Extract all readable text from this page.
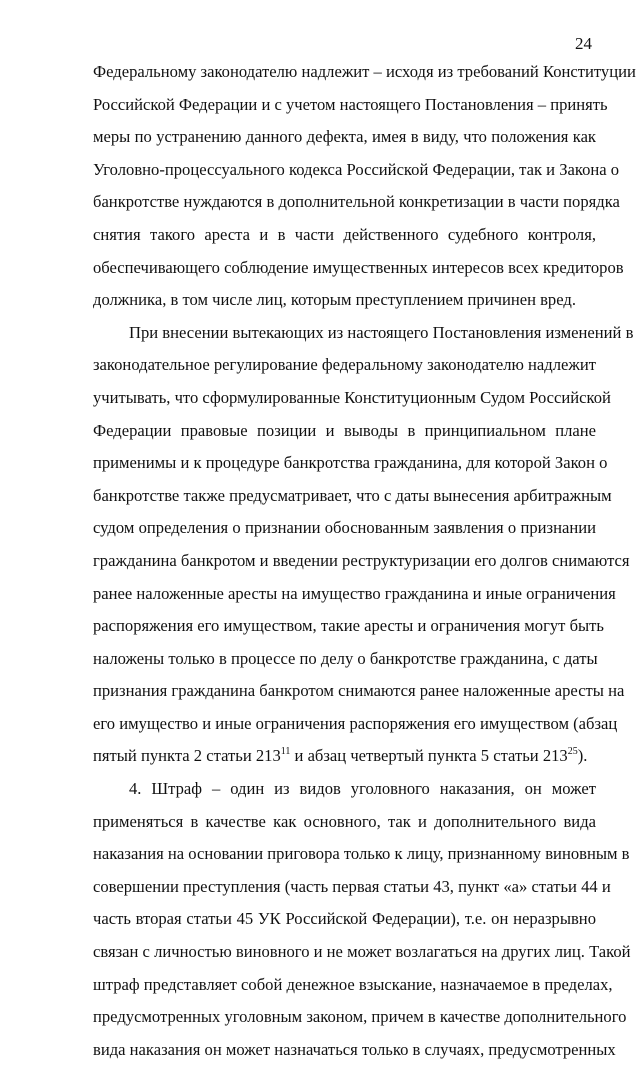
24

Федеральному законодателю надлежит – исходя из требований Конституции
Российской Федерации и с учетом настоящего Постановления – принять
меры по устранению данного дефекта, имея в виду, что положения как
Уголовно-процессуального кодекса Российской Федерации, так и Закона о
банкротстве нуждаются в дополнительной конкретизации в части порядка
снятия такого ареста и в части действенного судебного контроля,
обеспечивающего соблюдение имущественных интересов всех кредиторов
должника, в том числе лиц, которым преступлением причинен вред.

При внесении вытекающих из настоящего Постановления изменений в
законодательное регулирование федеральному законодателю надлежит
учитывать, что сформулированные Конституционным Судом Российской
Федерации правовые позиции и выводы в принципиальном плане
применимы и к процедуре банкротства гражданина, для которой Закон о
банкротстве также предусматривает, что с даты вынесения арбитражным
судом определения о признании обоснованным заявления о признании
гражданина банкротом и введении реструктуризации его долгов снимаются
ранее наложенные аресты на имущество гражданина и иные ограничения
распоряжения его имуществом, такие аресты и ограничения могут быть
наложены только в процессе по делу о банкротстве гражданина, с даты
признания гражданина банкротом снимаются ранее наложенные аресты на
его имущество и иные ограничения распоряжения его имуществом (абзац
пятый пункта 2 статьи $213^{11}$ и абзац четвертый пункта 5 статьи $213^{25}$).

4. Штраф – один из видов уголовного наказания, он может
применяться в качестве как основного, так и дополнительного вида
наказания на основании приговора только к лицу, признанному виновным в
совершении преступления (часть первая статьи 43, пункт «а» статьи 44 и
часть вторая статьи 45 УК Российской Федерации), т.е. он неразрывно
связан с личностью виновного и не может возлагаться на других лиц. Такой
штраф представляет собой денежное взыскание, назначаемое в пределах,
предусмотренных уголовным законом, причем в качестве дополнительного
вида наказания он может назначаться только в случаях, предусмотренных
